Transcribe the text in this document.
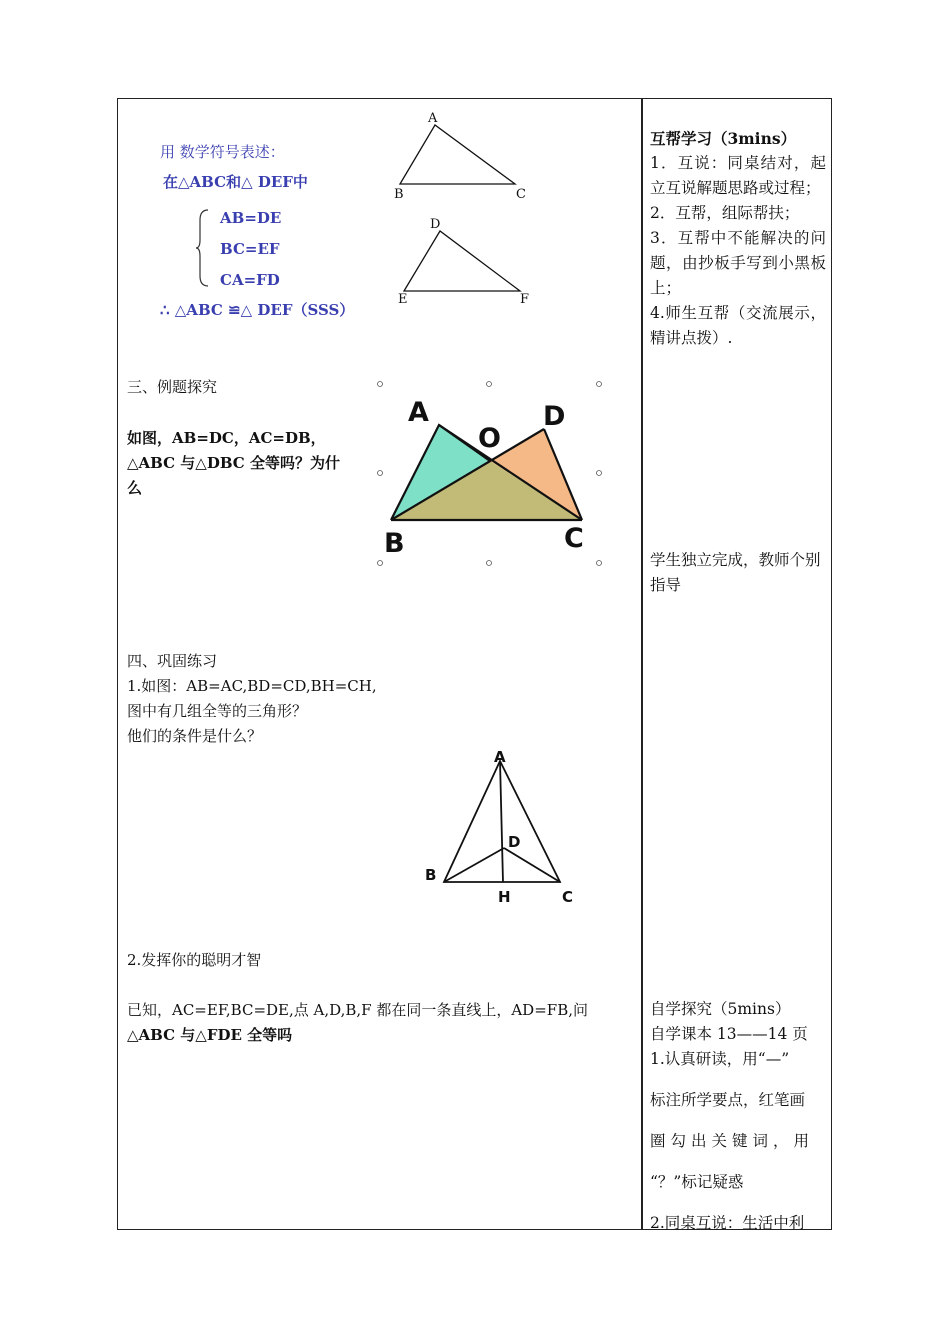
用 数学符号表述：
在△ABC和△ DEF中
AB=DE
BC=EF
CA=FD
∴ △ABC ≌△ DEF（SSS）
A
B	C
D
E	F
三、例题探究
如图，AB=DC，AC=DB，
△ABC 与△DBC 全等吗？为什
么
A
O
D
B	C
四、巩固练习
1.如图：AB=AC,BD=CD,BH=CH,
图中有几组全等的三角形？
他们的条件是什么？
A
D
B
H	C
2.发挥你的聪明才智
已知，AC=EF,BC=DE,点 A,D,B,F 都在同一条直线上，AD=FB,问
△ABC 与△FDE 全等吗

互帮学习（3mins）

1．互说：同桌结对，起立互说解题思路或过程；

2．互帮，组际帮扶；

3．互帮中不能解决的问题，由抄板手写到小黑板上；

4.师生互帮（交流展示，精讲点拨）.

学生独立完成，教师个别指导

自学探究（5mins）

自学课本 13——14 页

1.认真研读，用“—”

标注所学要点，红笔画

圈勾出关键词，用

“？”标记疑惑

2.同桌互说：生活中利
